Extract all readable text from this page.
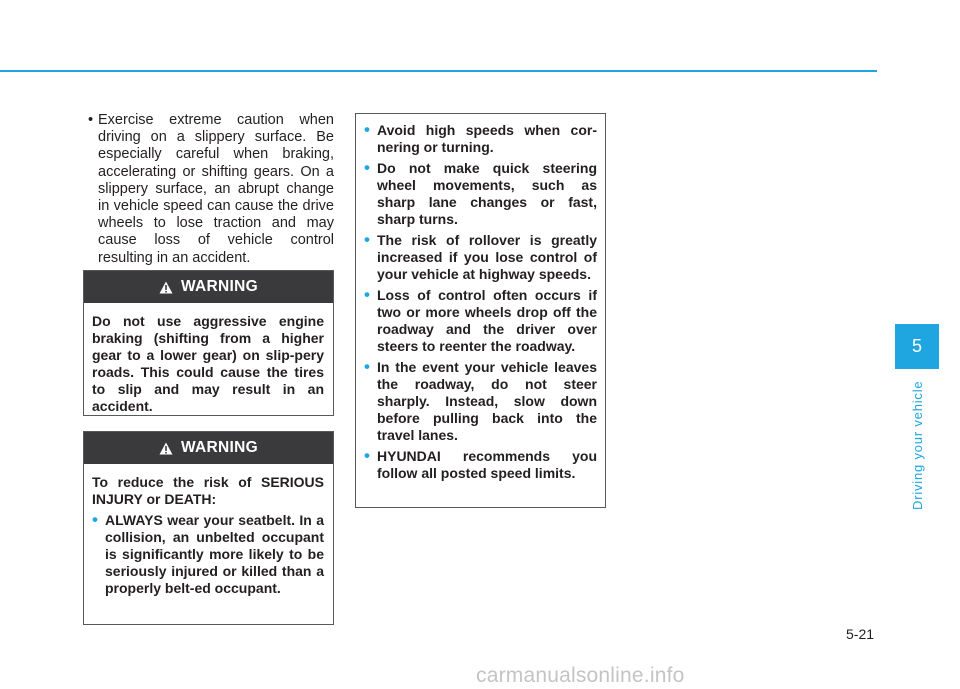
• Exercise extreme caution when driving on a slippery surface. Be especially careful when braking, accelerating or shifting gears. On a slippery surface, an abrupt change in vehicle speed can cause the drive wheels to lose traction and may cause loss of vehicle control resulting in an accident.
WARNING

Do not use aggressive engine braking (shifting from a higher gear to a lower gear) on slip-pery roads. This could cause the tires to slip and may result in an accident.

WARNING

To reduce the risk of SERIOUS INJURY or DEATH:

• ALWAYS wear your seatbelt. In a collision, an unbelted occupant is significantly more likely to be seriously injured or killed than a properly belt-ed occupant.
• Avoid high speeds when cor-nering or turning.
• Do not make quick steering wheel movements, such as sharp lane changes or fast, sharp turns.
• The risk of rollover is greatly increased if you lose control of your vehicle at highway speeds.
• Loss of control often occurs if two or more wheels drop off the roadway and the driver over steers to reenter the roadway.
• In the event your vehicle leaves the roadway, do not steer sharply. Instead, slow down before pulling back into the travel lanes.
• HYUNDAI recommends you follow all posted speed limits.
5
Driving your vehicle
5-21
carmanualsonline.info
